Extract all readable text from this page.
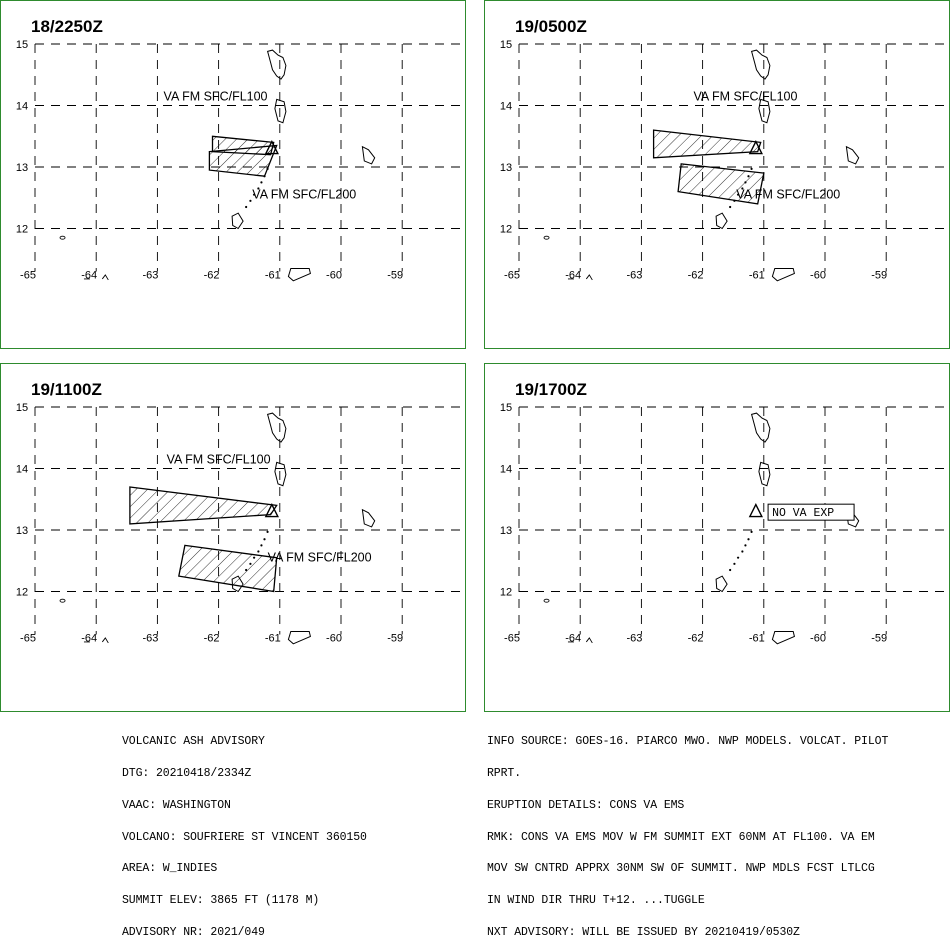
18/2250Z
15
14
13
12
-65	-64	-63	-62	-61	-60	-59
VA FM SFC/FL100
VA FM SFC/FL200
19/0500Z
15
14
13
12
-65	-64	-63	-62	-61	-60	-59
VA FM SFC/FL100
VA FM SFC/FL200
19/1100Z
15
14
13
12
-65	-64	-63	-62	-61	-60	-59
VA FM SFC/FL100
VA FM SFC/FL200
19/1700Z
15
14
13
12
-65	-64	-63	-62	-61	-60	-59
NO VA EXP

VOLCANIC ASH ADVISORY

DTG: 20210418/2334Z

VAAC: WASHINGTON

VOLCANO: SOUFRIERE ST VINCENT 360150

AREA: W_INDIES

SUMMIT ELEV: 3865 FT (1178 M)

ADVISORY NR: 2021/049

INFO SOURCE: GOES-16. PIARCO MWO. NWP MODELS. VOLCAT. PILOT

RPRT.

ERUPTION DETAILS: CONS VA EMS

RMK: CONS VA EMS MOV W FM SUMMIT EXT 60NM AT FL100. VA EM

MOV SW CNTRD APPRX 30NM SW OF SUMMIT. NWP MDLS FCST LTLCG

IN WIND DIR THRU T+12. ...TUGGLE

NXT ADVISORY: WILL BE ISSUED BY 20210419/0530Z
